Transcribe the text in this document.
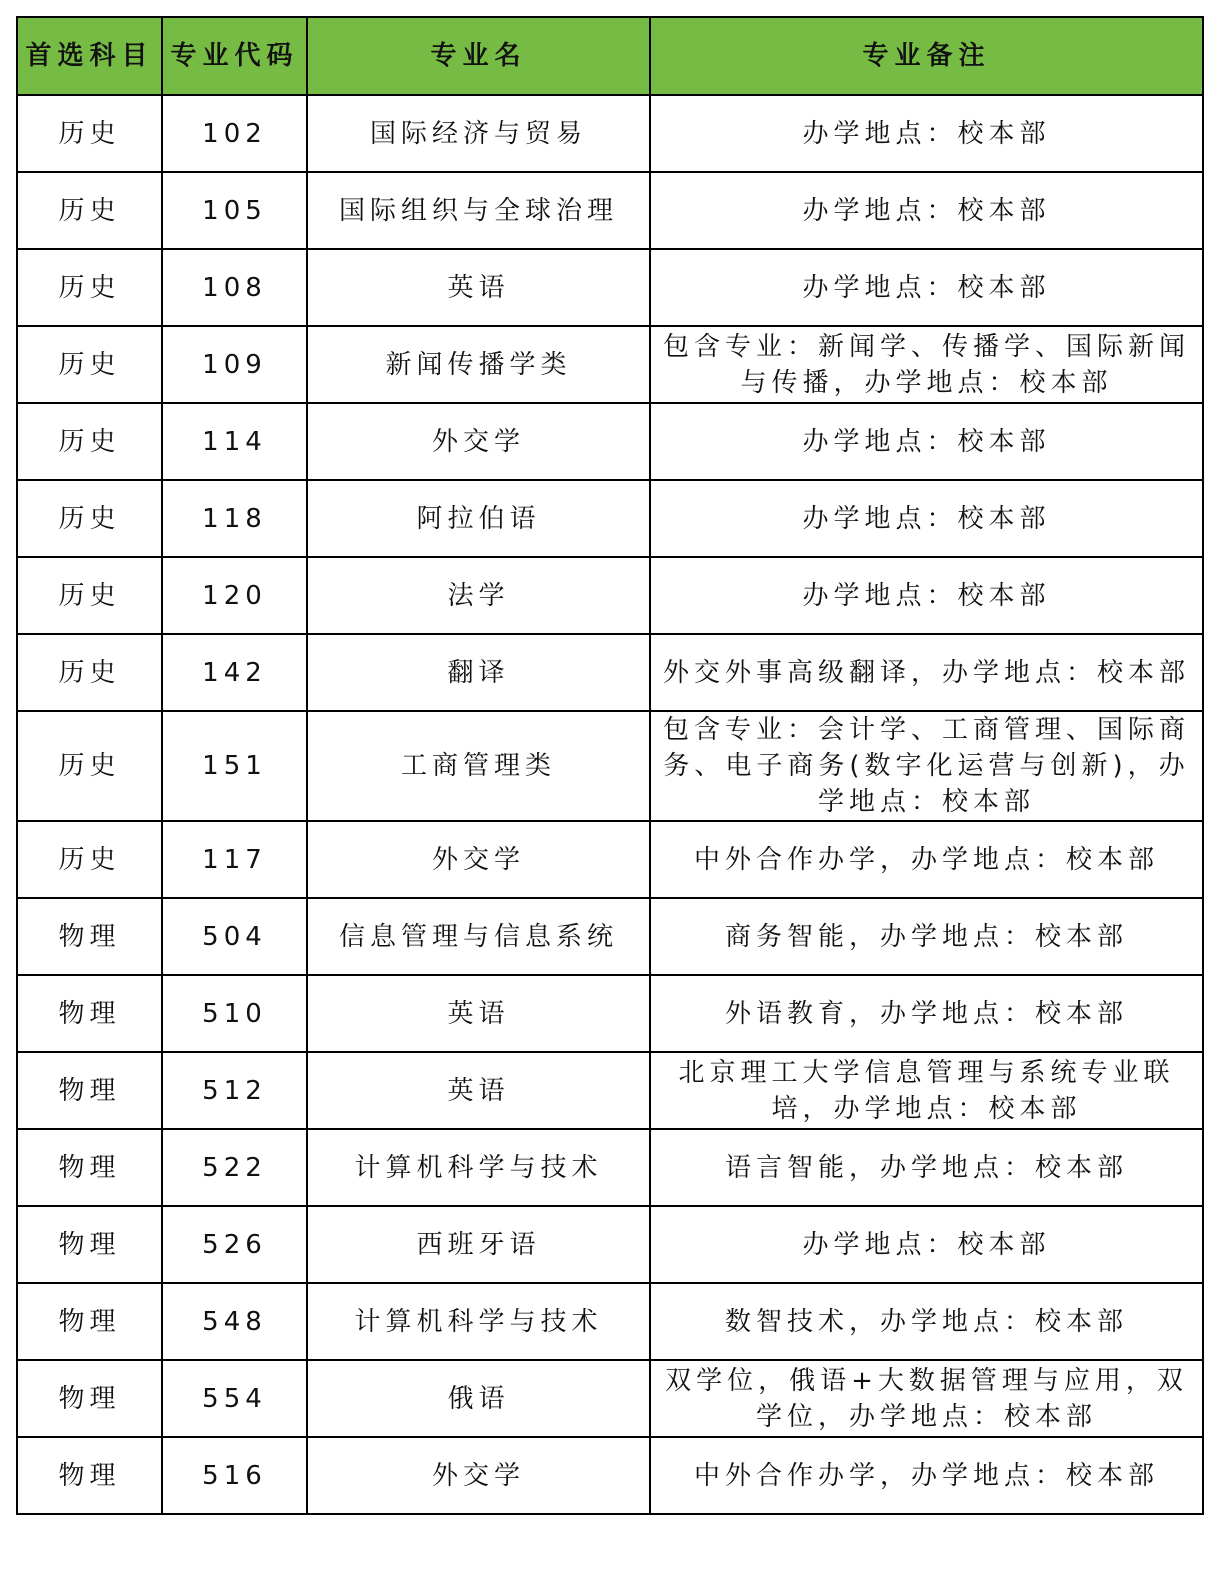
首选科目	专业代码	专业名	专业备注
历史	102	国际经济与贸易	办学地点：校本部
历史	105	国际组织与全球治理	办学地点：校本部
历史	108	英语	办学地点：校本部
历史	109	新闻传播学类	包含专业：新闻学、传播学、国际新闻与传播，办学地点：校本部
历史	114	外交学	办学地点：校本部
历史	118	阿拉伯语	办学地点：校本部
历史	120	法学	办学地点：校本部
历史	142	翻译	外交外事高级翻译，办学地点：校本部
历史	151	工商管理类	包含专业：会计学、工商管理、国际商务、电子商务(数字化运营与创新)，办学地点：校本部
历史	117	外交学	中外合作办学，办学地点：校本部
物理	504	信息管理与信息系统	商务智能，办学地点：校本部
物理	510	英语	外语教育，办学地点：校本部
物理	512	英语	北京理工大学信息管理与系统专业联培，办学地点：校本部
物理	522	计算机科学与技术	语言智能，办学地点：校本部
物理	526	西班牙语	办学地点：校本部
物理	548	计算机科学与技术	数智技术，办学地点：校本部
物理	554	俄语	双学位，俄语+大数据管理与应用，双学位，办学地点：校本部
物理	516	外交学	中外合作办学，办学地点：校本部
